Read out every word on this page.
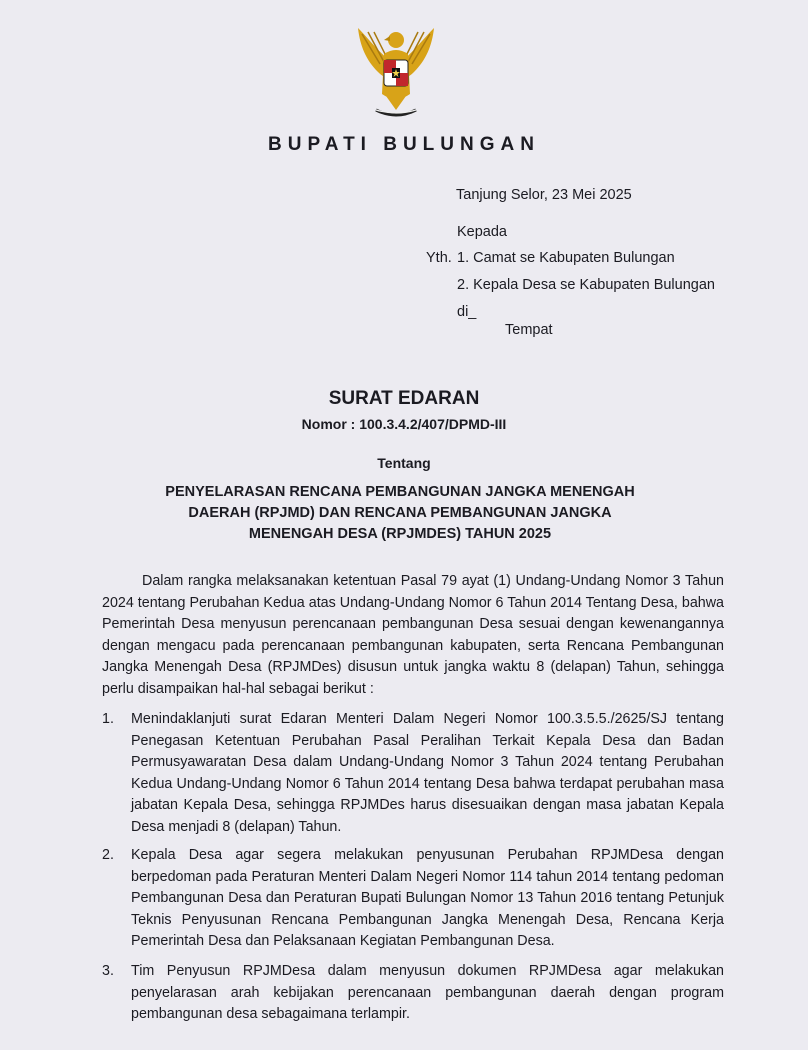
BUPATI BULUNGAN
Tanjung Selor, 23 Mei 2025
Kepada
Yth. 1. Camat se Kabupaten Bulungan
2. Kepala Desa se Kabupaten Bulungan
di_
Tempat
SURAT EDARAN
Nomor : 100.3.4.2/407/DPMD-III
Tentang
PENYELARASAN RENCANA PEMBANGUNAN JANGKA MENENGAH
DAERAH (RPJMD) DAN RENCANA PEMBANGUNAN JANGKA
MENENGAH DESA (RPJMDES) TAHUN 2025
Dalam rangka melaksanakan ketentuan Pasal 79 ayat (1) Undang-Undang Nomor 3 Tahun 2024 tentang Perubahan Kedua atas Undang-Undang Nomor 6 Tahun 2014 Tentang Desa, bahwa Pemerintah Desa menyusun perencanaan pembangunan Desa sesuai dengan kewenangannya dengan mengacu pada perencanaan pembangunan kabupaten, serta Rencana Pembangunan Jangka Menengah Desa (RPJMDes) disusun untuk jangka waktu 8 (delapan) Tahun, sehingga perlu disampaikan hal-hal sebagai berikut :
1.	Menindaklanjuti surat Edaran Menteri Dalam Negeri Nomor 100.3.5.5./2625/SJ tentang Penegasan Ketentuan Perubahan Pasal Peralihan Terkait Kepala Desa dan Badan Permusyawaratan Desa dalam Undang-Undang Nomor 3 Tahun 2024 tentang Perubahan Kedua Undang-Undang Nomor 6 Tahun 2014 tentang Desa bahwa terdapat perubahan masa jabatan Kepala Desa, sehingga RPJMDes harus disesuaikan dengan masa jabatan Kepala Desa menjadi 8 (delapan) Tahun.
2.	Kepala Desa agar segera melakukan penyusunan Perubahan RPJMDesa dengan berpedoman pada Peraturan Menteri Dalam Negeri Nomor 114 tahun 2014 tentang pedoman Pembangunan Desa dan Peraturan Bupati Bulungan Nomor 13 Tahun 2016 tentang Petunjuk Teknis Penyusunan Rencana Pembangunan Jangka Menengah Desa, Rencana Kerja Pemerintah Desa dan Pelaksanaan Kegiatan Pembangunan Desa.
3.	Tim Penyusun RPJMDesa dalam menyusun dokumen RPJMDesa agar melakukan penyelarasan arah kebijakan perencanaan pembangunan daerah dengan program pembangunan desa sebagaimana terlampir.
